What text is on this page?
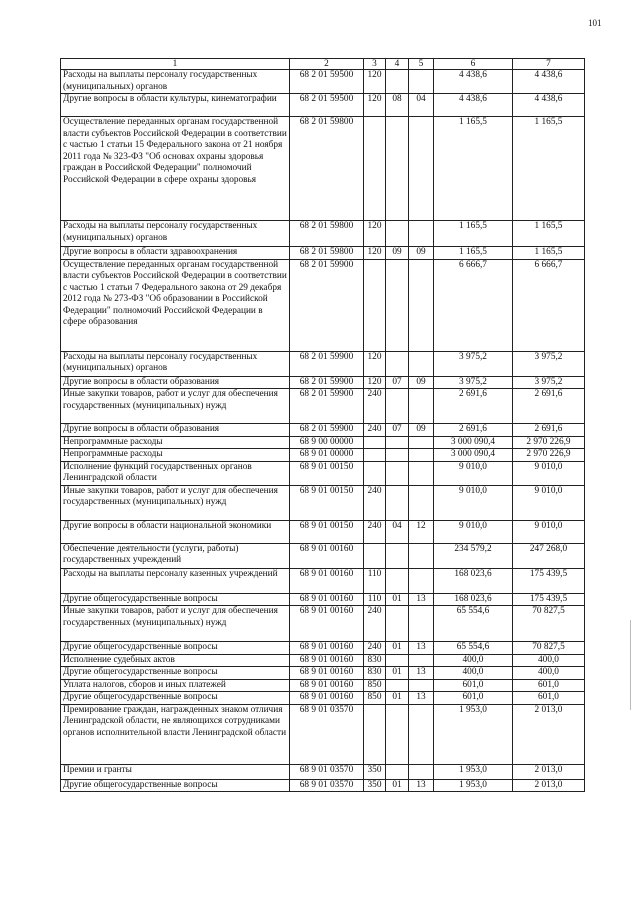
101
1	2	3	4	5	6	7
Расходы на выплаты персоналу государственных (муниципальных) органов	68 2 01 59500	120			4 438,6	4 438,6
Другие вопросы в области культуры, кинематографии	68 2 01 59500	120	08	04	4 438,6	4 438,6
Осуществление переданных органам государственной власти субъектов Российской Федерации в соответствии с частью 1 статьи 15 Федерального закона от 21 ноября 2011 года № 323-ФЗ "Об основах охраны здоровья граждан в Российской Федерации" полномочий Российской Федерации в сфере охраны здоровья	68 2 01 59800				1 165,5	1 165,5
Расходы на выплаты персоналу государственных (муниципальных) органов	68 2 01 59800	120			1 165,5	1 165,5
Другие вопросы в области здравоохранения	68 2 01 59800	120	09	09	1 165,5	1 165,5
Осуществление переданных органам государственной власти субъектов Российской Федерации в соответствии с частью 1 статьи 7 Федерального закона от 29 декабря 2012 года № 273-ФЗ "Об образовании в Российской Федерации" полномочий Российской Федерации в сфере образования	68 2 01 59900				6 666,7	6 666,7
Расходы на выплаты персоналу государственных (муниципальных) органов	68 2 01 59900	120			3 975,2	3 975,2
Другие вопросы в области образования	68 2 01 59900	120	07	09	3 975,2	3 975,2
Иные закупки товаров, работ и услуг для обеспечения государственных (муниципальных) нужд	68 2 01 59900	240			2 691,6	2 691,6
Другие вопросы в области образования	68 2 01 59900	240	07	09	2 691,6	2 691,6
Непрограммные расходы	68 9 00 00000				3 000 090,4	2 970 226,9
Непрограммные расходы	68 9 01 00000				3 000 090,4	2 970 226,9
Исполнение функций государственных органов Ленинградской области	68 9 01 00150				9 010,0	9 010,0
Иные закупки товаров, работ и услуг для обеспечения государственных (муниципальных) нужд	68 9 01 00150	240			9 010,0	9 010,0
Другие вопросы в области национальной экономики	68 9 01 00150	240	04	12	9 010,0	9 010,0
Обеспечение деятельности (услуги, работы) государственных учреждений	68 9 01 00160				234 579,2	247 268,0
Расходы на выплаты персоналу казенных учреждений	68 9 01 00160	110			168 023,6	175 439,5
Другие общегосударственные вопросы	68 9 01 00160	110	01	13	168 023,6	175 439,5
Иные закупки товаров, работ и услуг для обеспечения государственных (муниципальных) нужд	68 9 01 00160	240			65 554,6	70 827,5
Другие общегосударственные вопросы	68 9 01 00160	240	01	13	65 554,6	70 827,5
Исполнение судебных актов	68 9 01 00160	830			400,0	400,0
Другие общегосударственные вопросы	68 9 01 00160	830	01	13	400,0	400,0
Уплата налогов, сборов и иных платежей	68 9 01 00160	850			601,0	601,0
Другие общегосударственные вопросы	68 9 01 00160	850	01	13	601,0	601,0
Премирование граждан, награжденных знаком отличия Ленинградской области, не являющихся сотрудниками органов исполнительной власти Ленинградской области	68 9 01 03570				1 953,0	2 013,0
Премии и гранты	68 9 01 03570	350			1 953,0	2 013,0
Другие общегосударственные вопросы	68 9 01 03570	350	01	13	1 953,0	2 013,0
